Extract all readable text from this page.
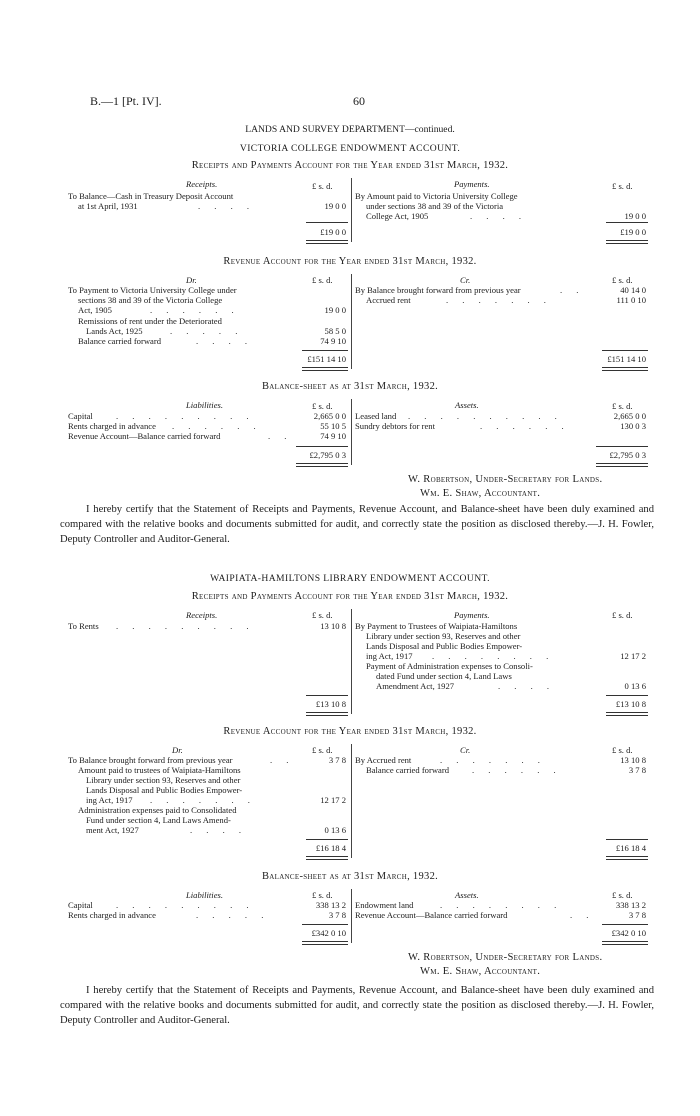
B.—1 [Pt. IV].	60
LANDS AND SURVEY DEPARTMENT—continued.
VICTORIA COLLEGE ENDOWMENT ACCOUNT.
Receipts and Payments Account for the Year ended 31st March, 1932.
Receipts.	£ s. d.
To Balance—Cash in Treasury Deposit Account
at 1st April, 1931	. . . .	19 0 0
£19 0 0
Payments.	£ s. d.
By Amount paid to Victoria University College
under sections 38 and 39 of the Victoria
College Act, 1905	. . . .	19 0 0
£19 0 0
Revenue Account for the Year ended 31st March, 1932.
Dr.	£ s. d.
To Payment to Victoria University College under
sections 38 and 39 of the Victoria College
Act, 1905	. . . . . .	19 0 0
Remissions of rent under the Deteriorated
Lands Act, 1925	. . . . .	58 5 0
Balance carried forward	. . . .	74 9 10
£151 14 10
Cr.	£ s. d.
By Balance brought forward from previous year	. .	40 14 0
Accrued rent	. . . . . . .	111 0 10
£151 14 10
Balance-sheet as at 31st March, 1932.
Liabilities.	£ s. d.
Capital	. . . . . . . . .	2,665 0 0
Rents charged in advance . . . . . .	55 10 5
Revenue Account—Balance carried forward	. .	74 9 10
£2,795 0 3
Assets.	£ s. d.
Leased land . . . . . . . . . .	2,665 0 0
Sundry debtors for rent	. . . . . .	130 0 3
£2,795 0 3
W. Robertson, Under-Secretary for Lands.
Wm. E. Shaw, Accountant.
I hereby certify that the Statement of Receipts and Payments, Revenue Account, and Balance-sheet have been duly examined and compared with the relative books and documents submitted for audit, and correctly state the position as disclosed thereby.—J. H. Fowler, Deputy Controller and Auditor-General.
WAIPIATA-HAMILTONS LIBRARY ENDOWMENT ACCOUNT.
Receipts and Payments Account for the Year ended 31st March, 1932.
Receipts.	£ s. d.
To Rents . . . . . . . . .	13 10 8
£13 10 8
Payments.	£ s. d.
By Payment to Trustees of Waipiata-Hamiltons
Library under section 93, Reserves and other
Lands Disposal and Public Bodies Empower-
ing Act, 1917 . . . . . . . .	12 17 2
Payment of Administration expenses to Consoli-
dated Fund under section 4, Land Laws
Amendment Act, 1927	. . . .	0 13 6
£13 10 8
Revenue Account for the Year ended 31st March, 1932.
Dr.	£ s. d.
To Balance brought forward from previous year	. .	3 7 8
Amount paid to trustees of Waipiata-Hamiltons
Library under section 93, Reserves and other
Lands Disposal and Public Bodies Empower-
ing Act, 1917 . . . . . . .	12 17 2
Administration expenses paid to Consolidated
Fund under section 4, Land Laws Amend-
ment Act, 1927	. . . .	0 13 6
£16 18 4
Cr.	£ s. d.
By Accrued rent	. . . . . . .	13 10 8
Balance carried forward	. . . . . .	3 7 8
£16 18 4
Balance-sheet as at 31st March, 1932.
Liabilities.	£ s. d.
Capital	. . . . . . . . .	338 13 2
Rents charged in advance	. . . . .	3 7 8
£342 0 10
Assets.	£ s. d.
Endowment land	. . . . . . . .	338 13 2
Revenue Account—Balance carried forward	. .	3 7 8
£342 0 10
W. Robertson, Under-Secretary for Lands.
Wm. E. Shaw, Accountant.
I hereby certify that the Statement of Receipts and Payments, Revenue Account, and Balance-sheet have been duly examined and compared with the relative books and documents submitted for audit, and correctly state the position as disclosed thereby.—J. H. Fowler, Deputy Controller and Auditor-General.
